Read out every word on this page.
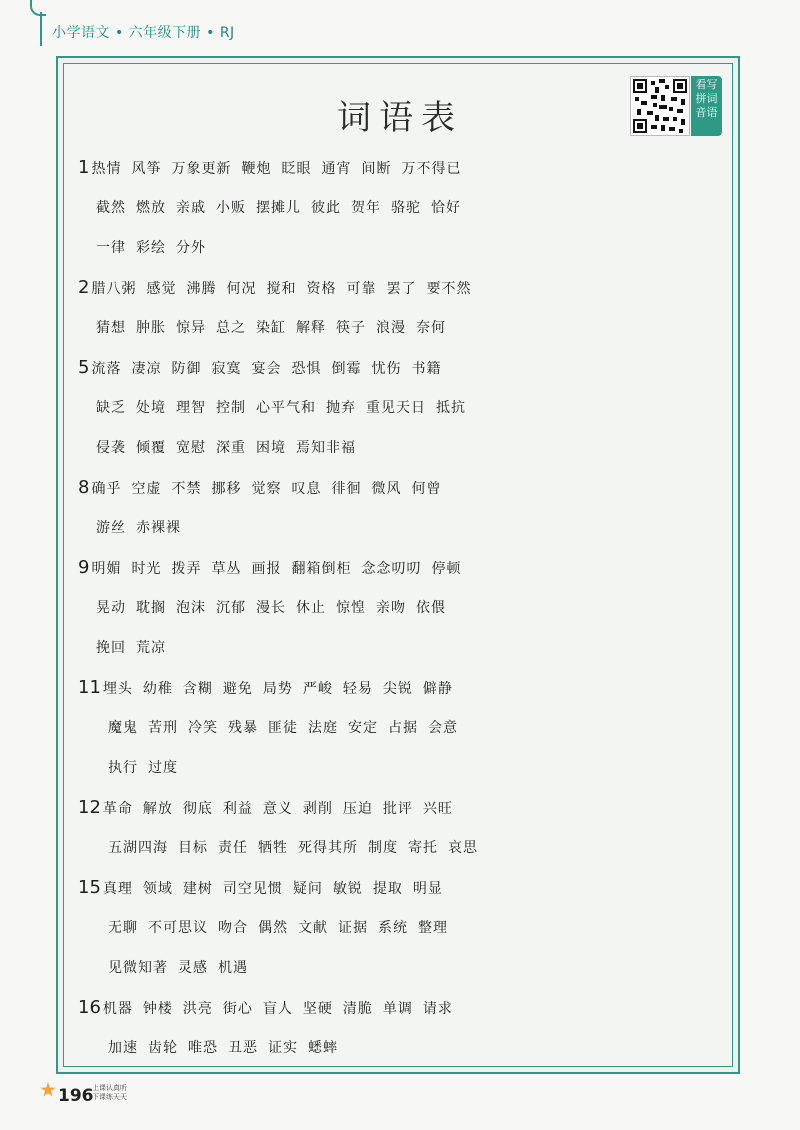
小学语文 • 六年级下册 • RJ
词语表
看写
拼词
音语
1 热情 风筝 万象更新 鞭炮 眨眼 通宵 间断 万不得已
截然 燃放 亲戚 小贩 摆摊儿 彼此 贺年 骆驼 恰好
一律 彩绘 分外
2 腊八粥 感觉 沸腾 何况 搅和 资格 可靠 罢了 要不然
猜想 肿胀 惊异 总之 染缸 解释 筷子 浪漫 奈何
5 流落 凄凉 防御 寂寞 宴会 恐惧 倒霉 忧伤 书籍
缺乏 处境 理智 控制 心平气和 抛弃 重见天日 抵抗
侵袭 倾覆 宽慰 深重 困境 焉知非福
8 确乎 空虚 不禁 挪移 觉察 叹息 徘徊 微风 何曾
游丝 赤裸裸
9 明媚 时光 拨弄 草丛 画报 翻箱倒柜 念念叨叨 停顿
晃动 耽搁 泡沫 沉郁 漫长 休止 惊惶 亲吻 依偎
挽回 荒凉
11 埋头 幼稚 含糊 避免 局势 严峻 轻易 尖锐 僻静
魔鬼 苦刑 冷笑 残暴 匪徒 法庭 安定 占据 会意
执行 过度
12 革命 解放 彻底 利益 意义 剥削 压迫 批评 兴旺
五湖四海 目标 责任 牺牲 死得其所 制度 寄托 哀思
15 真理 领域 建树 司空见惯 疑问 敏锐 提取 明显
无聊 不可思议 吻合 偶然 文献 证据 系统 整理
见微知著 灵感 机遇
16 机器 钟楼 洪亮 街心 盲人 坚硬 清脆 单调 请求
加速 齿轮 唯恐 丑恶 证实 蟋蟀
196
上课认真听
下课练天天
